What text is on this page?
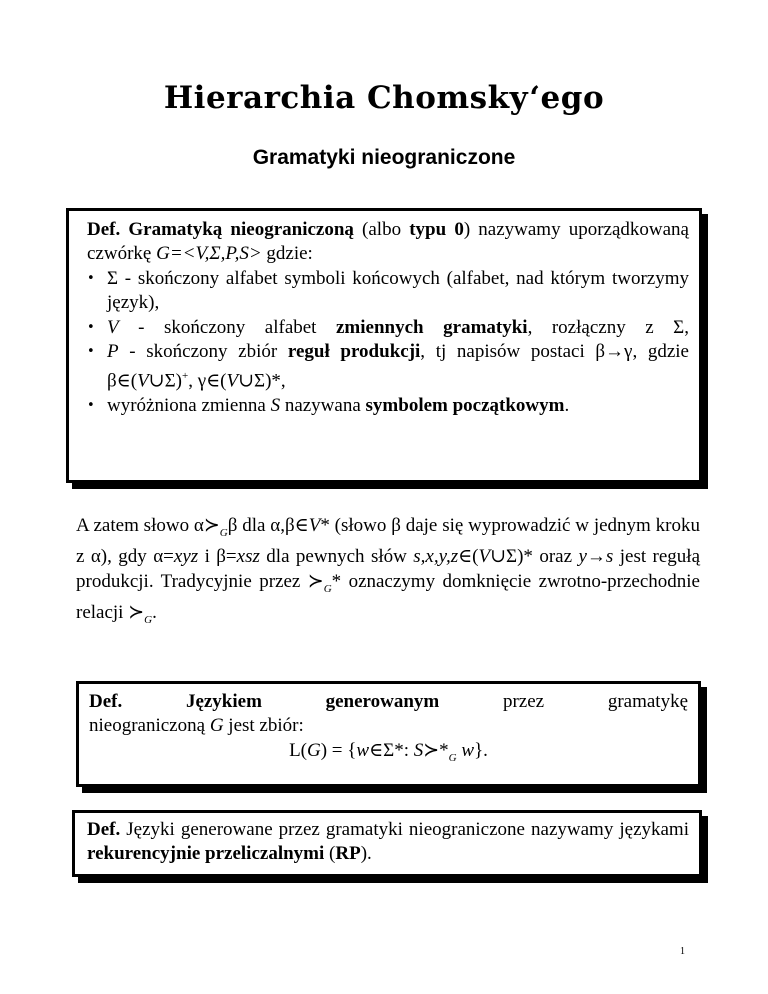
Hierarchia Chomsky‘ego
Gramatyki nieograniczone
Def. Gramatyką nieograniczoną (albo typu 0) nazywamy uporządkowaną czwórkę G=<V,Σ,P,S> gdzie:
• Σ - skończony alfabet symboli końcowych (alfabet, nad którym tworzymy język),
• V - skończony alfabet zmiennych gramatyki, rozłączny z Σ,
• P - skończony zbiór reguł produkcji, tj napisów postaci β→γ, gdzie β∈(V∪Σ)+, γ∈(V∪Σ)*,
• wyróżniona zmienna S nazywana symbolem początkowym.
A zatem słowo $\alpha≻_G\beta$ dla α,β∈V* (słowo β daje się wyprowadzić w jednym kroku z α), gdy α=xyz i β=xsz dla pewnych słów s,x,y,z∈(V∪Σ)* oraz y→s jest regułą produkcji. Tradycyjnie przez $≻_G*$ oznaczymy domknięcie zwrotno-przechodnie relacji $≻_G$.
Def. Językiem generowanym przez gramatykę
nieograniczoną G jest zbiór:
L(G) = {w∈Σ*: $S≻*_G$ w}.
Def. Języki generowane przez gramatyki nieograniczone nazywamy językami rekurencyjnie przeliczalnymi (RP).
1
